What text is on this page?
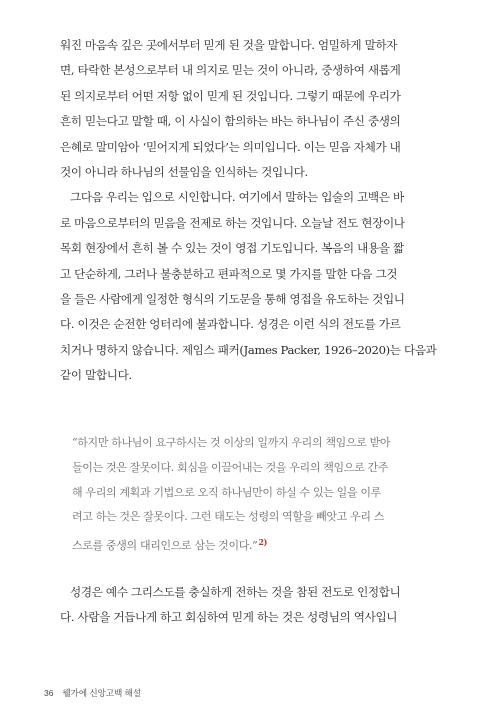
워진 마음속 깊은 곳에서부터 믿게 된 것을 말합니다. 엄밀하게 말하자
면, 타락한 본성으로부터 내 의지로 믿는 것이 아니라, 중생하여 새롭게
된 의지로부터 어떤 저항 없이 믿게 된 것입니다. 그렇기 때문에 우리가
흔히 믿는다고 말할 때, 이 사실이 함의하는 바는 하나님이 주신 중생의
은혜로 말미암아 ‘믿어지게 되었다’는 의미입니다. 이는 믿음 자체가 내
것이 아니라 하나님의 선물임을 인식하는 것입니다.

그다음 우리는 입으로 시인합니다. 여기에서 말하는 입술의 고백은 바
로 마음으로부터의 믿음을 전제로 하는 것입니다. 오늘날 전도 현장이나
목회 현장에서 흔히 볼 수 있는 것이 영접 기도입니다. 복음의 내용을 짧
고 단순하게, 그러나 불충분하고 편파적으로 몇 가지를 말한 다음 그것
을 들은 사람에게 일정한 형식의 기도문을 통해 영접을 유도하는 것입니
다. 이것은 순전한 엉터리에 불과합니다. 성경은 이런 식의 전도를 가르
치거나 명하지 않습니다. 제임스 패커(James Packer, 1926–2020)는 다음과
같이 말합니다.

“하지만 하나님이 요구하시는 것 이상의 일까지 우리의 책임으로 받아
들이는 것은 잘못이다. 회심을 이끌어내는 것을 우리의 책임으로 간주
해 우리의 계획과 기법으로 오직 하나님만이 하실 수 있는 일을 이루
려고 하는 것은 잘못이다. 그런 태도는 성령의 역할을 빼앗고 우리 스
스로를 중생의 대리인으로 삼는 것이다.”$^{2)}$

성경은 예수 그리스도를 충실하게 전하는 것을 참된 전도로 인정합니
다. 사람을 거듭나게 하고 회심하여 믿게 하는 것은 성령님의 역사입니

36 웰가에 신앙고백 해설
